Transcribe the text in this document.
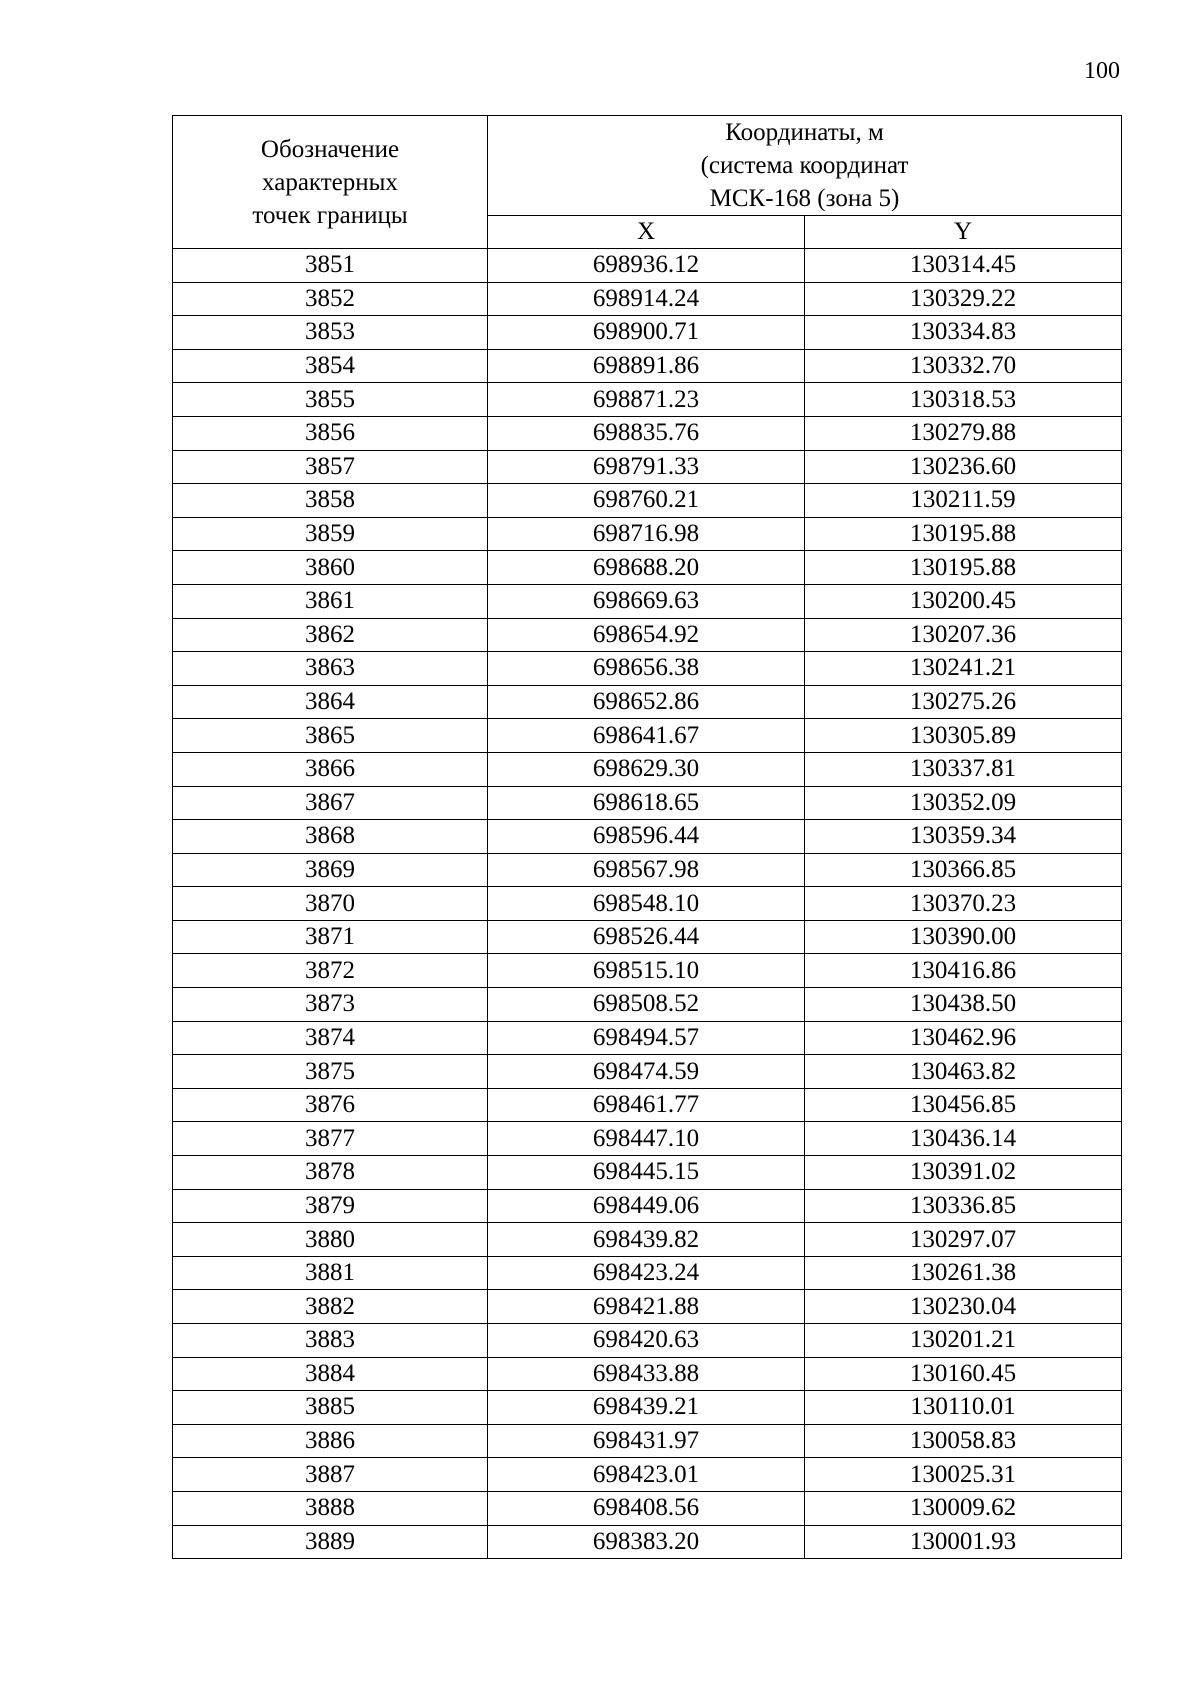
100
Обозначение характерных точек границы	Координаты, м (система координат МСК-168 (зона 5)	
	X	Y
3851	698936.12	130314.45
3852	698914.24	130329.22
3853	698900.71	130334.83
3854	698891.86	130332.70
3855	698871.23	130318.53
3856	698835.76	130279.88
3857	698791.33	130236.60
3858	698760.21	130211.59
3859	698716.98	130195.88
3860	698688.20	130195.88
3861	698669.63	130200.45
3862	698654.92	130207.36
3863	698656.38	130241.21
3864	698652.86	130275.26
3865	698641.67	130305.89
3866	698629.30	130337.81
3867	698618.65	130352.09
3868	698596.44	130359.34
3869	698567.98	130366.85
3870	698548.10	130370.23
3871	698526.44	130390.00
3872	698515.10	130416.86
3873	698508.52	130438.50
3874	698494.57	130462.96
3875	698474.59	130463.82
3876	698461.77	130456.85
3877	698447.10	130436.14
3878	698445.15	130391.02
3879	698449.06	130336.85
3880	698439.82	130297.07
3881	698423.24	130261.38
3882	698421.88	130230.04
3883	698420.63	130201.21
3884	698433.88	130160.45
3885	698439.21	130110.01
3886	698431.97	130058.83
3887	698423.01	130025.31
3888	698408.56	130009.62
3889	698383.20	130001.93
